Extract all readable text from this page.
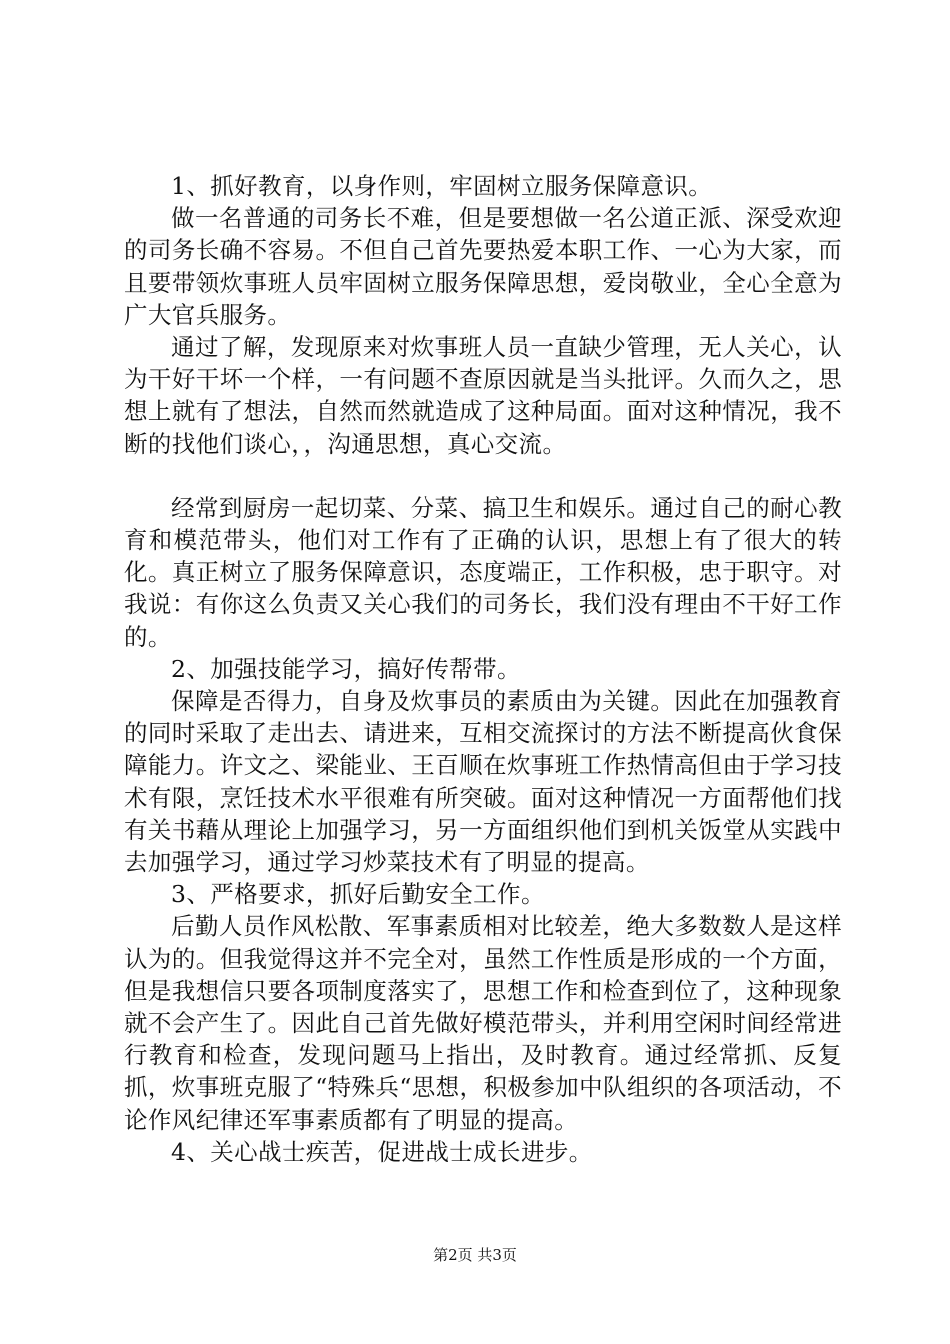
1、抓好教育，以身作则，牢固树立服务保障意识。

做一名普通的司务长不难，但是要想做一名公道正派、深受欢迎的司务长确不容易。不但自己首先要热爱本职工作、一心为大家，而且要带领炊事班人员牢固树立服务保障思想，爱岗敬业，全心全意为广大官兵服务。

通过了解，发现原来对炊事班人员一直缺少管理，无人关心，认为干好干坏一个样，一有问题不查原因就是当头批评。久而久之，思想上就有了想法，自然而然就造成了这种局面。面对这种情况，我不断的找他们谈心，，沟通思想，真心交流。

经常到厨房一起切菜、分菜、搞卫生和娱乐。通过自己的耐心教育和模范带头，他们对工作有了正确的认识，思想上有了很大的转化。真正树立了服务保障意识，态度端正，工作积极，忠于职守。对我说：有你这么负责又关心我们的司务长，我们没有理由不干好工作的。

2、加强技能学习，搞好传帮带。

保障是否得力，自身及炊事员的素质由为关键。因此在加强教育的同时采取了走出去、请进来，互相交流探讨的方法不断提高伙食保障能力。许文之、梁能业、王百顺在炊事班工作热情高但由于学习技术有限，烹饪技术水平很难有所突破。面对这种情况一方面帮他们找有关书藉从理论上加强学习，另一方面组织他们到机关饭堂从实践中去加强学习，通过学习炒菜技术有了明显的提高。

3、严格要求，抓好后勤安全工作。

后勤人员作风松散、军事素质相对比较差，绝大多数数人是这样认为的。但我觉得这并不完全对，虽然工作性质是形成的一个方面，但是我想信只要各项制度落实了，思想工作和检查到位了，这种现象就不会产生了。因此自己首先做好模范带头，并利用空闲时间经常进行教育和检查，发现问题马上指出，及时教育。通过经常抓、反复抓，炊事班克服了“特殊兵“思想，积极参加中队组织的各项活动，不论作风纪律还军事素质都有了明显的提高。

4、关心战士疾苦，促进战士成长进步。

第2页 共3页
